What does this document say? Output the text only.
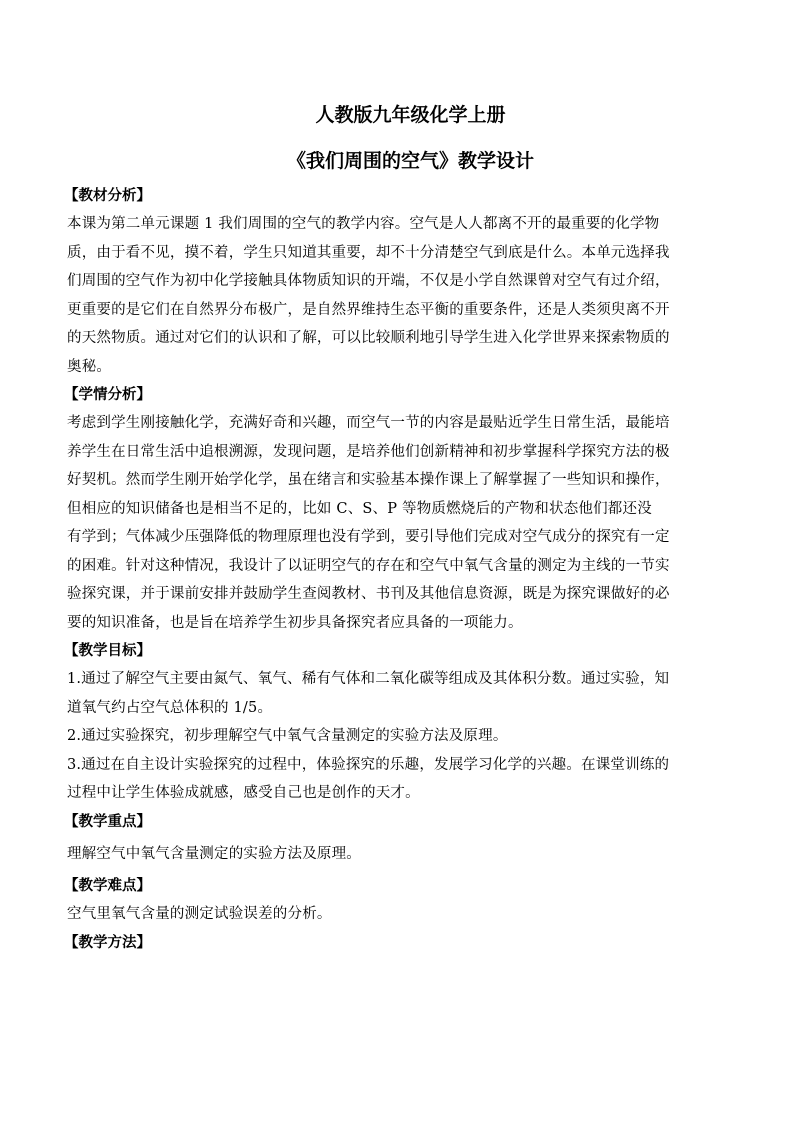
人教版九年级化学上册
《我们周围的空气》教学设计

【教材分析】

本课为第二单元课题 1 我们周围的空气的教学内容。空气是人人都离不开的最重要的化学物
质，由于看不见，摸不着，学生只知道其重要，却不十分清楚空气到底是什么。本单元选择我
们周围的空气作为初中化学接触具体物质知识的开端，不仅是小学自然课曾对空气有过介绍，
更重要的是它们在自然界分布极广，是自然界维持生态平衡的重要条件，还是人类须臾离不开
的天然物质。通过对它们的认识和了解，可以比较顺利地引导学生进入化学世界来探索物质的
奥秘。

【学情分析】

考虑到学生刚接触化学，充满好奇和兴趣，而空气一节的内容是最贴近学生日常生活，最能培
养学生在日常生活中追根溯源，发现问题，是培养他们创新精神和初步掌握科学探究方法的极
好契机。然而学生刚开始学化学，虽在绪言和实验基本操作课上了解掌握了一些知识和操作，
但相应的知识储备也是相当不足的，比如 C、S、P 等物质燃烧后的产物和状态他们都还没
有学到；气体减少压强降低的物理原理也没有学到，要引导他们完成对空气成分的探究有一定
的困难。针对这种情况，我设计了以证明空气的存在和空气中氧气含量的测定为主线的一节实
验探究课，并于课前安排并鼓励学生查阅教材、书刊及其他信息资源，既是为探究课做好的必
要的知识准备，也是旨在培养学生初步具备探究者应具备的一项能力。

【教学目标】

1.通过了解空气主要由氮气、氧气、稀有气体和二氧化碳等组成及其体积分数。通过实验，知
道氧气约占空气总体积的 1/5。
2.通过实验探究，初步理解空气中氧气含量测定的实验方法及原理。
3.通过在自主设计实验探究的过程中，体验探究的乐趣，发展学习化学的兴趣。在课堂训练的
过程中让学生体验成就感，感受自己也是创作的天才。

【教学重点】

理解空气中氧气含量测定的实验方法及原理。

【教学难点】

空气里氧气含量的测定试验误差的分析。

【教学方法】
